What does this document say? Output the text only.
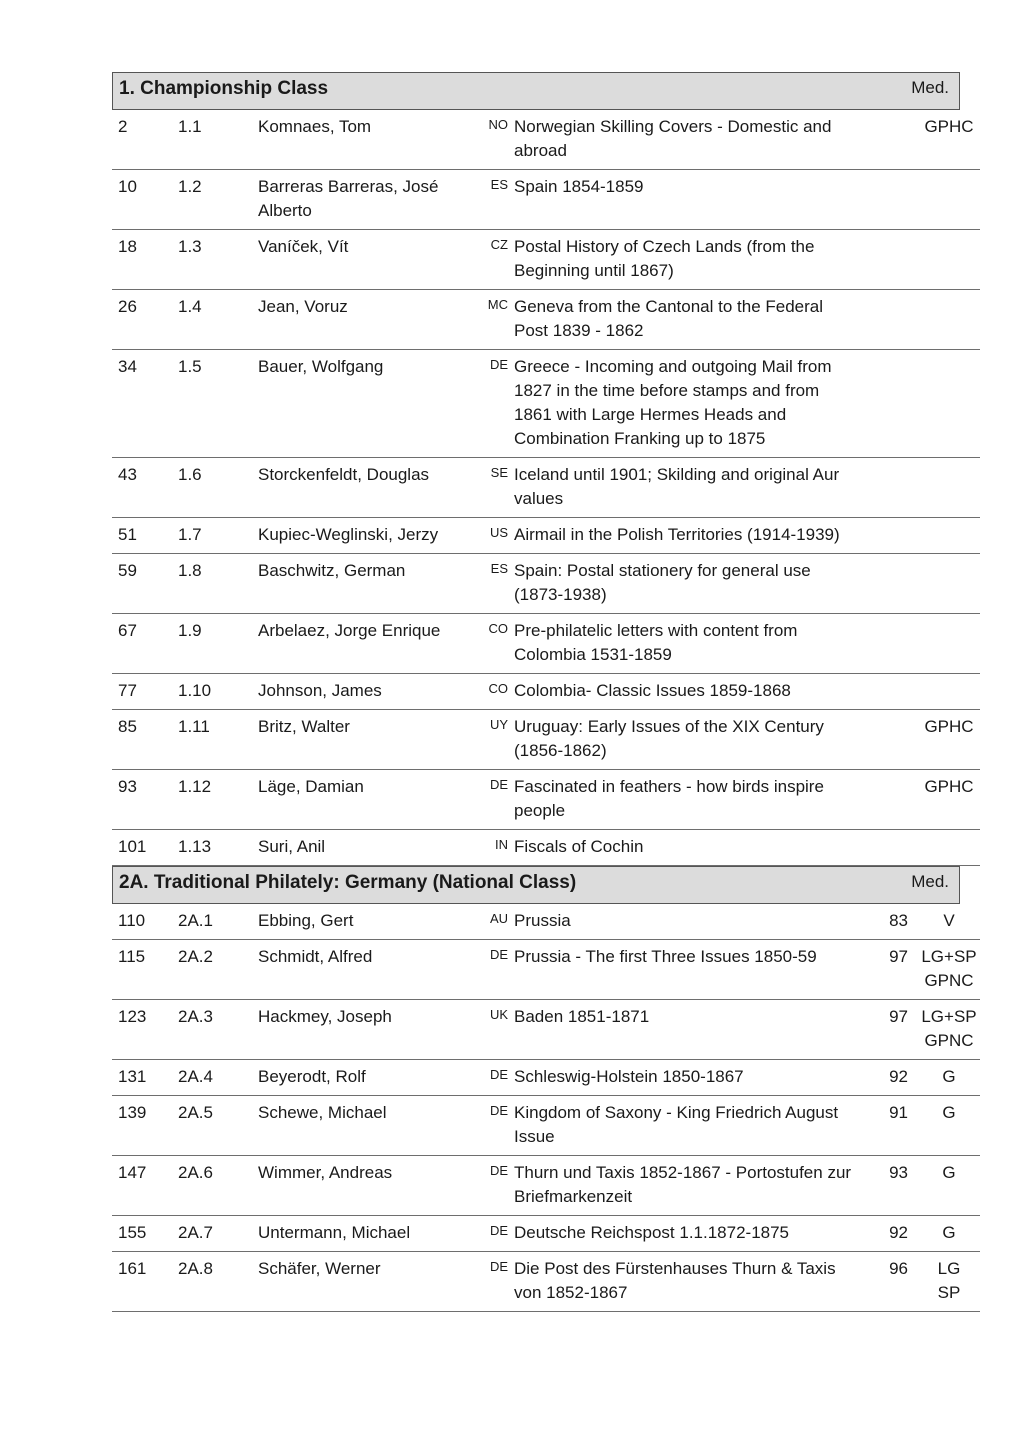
1. Championship Class	Med.
2	1.1	Komnaes, Tom	NO	Norwegian Skilling Covers - Domestic and abroad		GPHC

10	1.2	Barreras Barreras, José Alberto	ES	Spain 1854-1859		
18	1.3	Vaníček, Vít	CZ	Postal History of Czech Lands (from the Beginning until 1867)		
26	1.4	Jean, Voruz	MC	Geneva from the Cantonal to the Federal Post 1839 - 1862		
34	1.5	Bauer, Wolfgang	DE	Greece - Incoming and outgoing Mail from 1827 in the time before stamps and from 1861 with Large Hermes Heads and Combination Franking up to 1875		
43	1.6	Storckenfeldt, Douglas	SE	Iceland until 1901; Skilding and original Aur values		
51	1.7	Kupiec-Weglinski, Jerzy	US	Airmail in the Polish Territories (1914-1939)		
59	1.8	Baschwitz, German	ES	Spain: Postal stationery for general use (1873-1938)		
67	1.9	Arbelaez, Jorge Enrique	CO	Pre-philatelic letters with content from Colombia 1531-1859		
77	1.10	Johnson, James	CO	Colombia- Classic Issues 1859-1868		
85	1.11	Britz, Walter	UY	Uruguay: Early Issues of the XIX Century (1856-1862)		GPHC

93	1.12	Läge, Damian	DE	Fascinated in feathers - how birds inspire people		GPHC

101	1.13	Suri, Anil	IN	Fiscals of Cochin		
2A. Traditional Philately: Germany (National Class)	Med.
110	2A.1	Ebbing, Gert	AU	Prussia	83	V

115	2A.2	Schmidt, Alfred	DE	Prussia - The first Three Issues 1850-59	97	LG+SP
GPNC

123	2A.3	Hackmey, Joseph	UK	Baden 1851-1871	97	LG+SP
GPNC

131	2A.4	Beyerodt, Rolf	DE	Schleswig-Holstein 1850-1867	92	G

139	2A.5	Schewe, Michael	DE	Kingdom of Saxony - King Friedrich August Issue	91	G

147	2A.6	Wimmer, Andreas	DE	Thurn und Taxis 1852-1867 - Portostufen zur Briefmarkenzeit	93	G

155	2A.7	Untermann, Michael	DE	Deutsche Reichspost 1.1.1872-1875	92	G

161	2A.8	Schäfer, Werner	DE	Die Post des Fürstenhauses Thurn & Taxis von 1852-1867	96	LG
SP
